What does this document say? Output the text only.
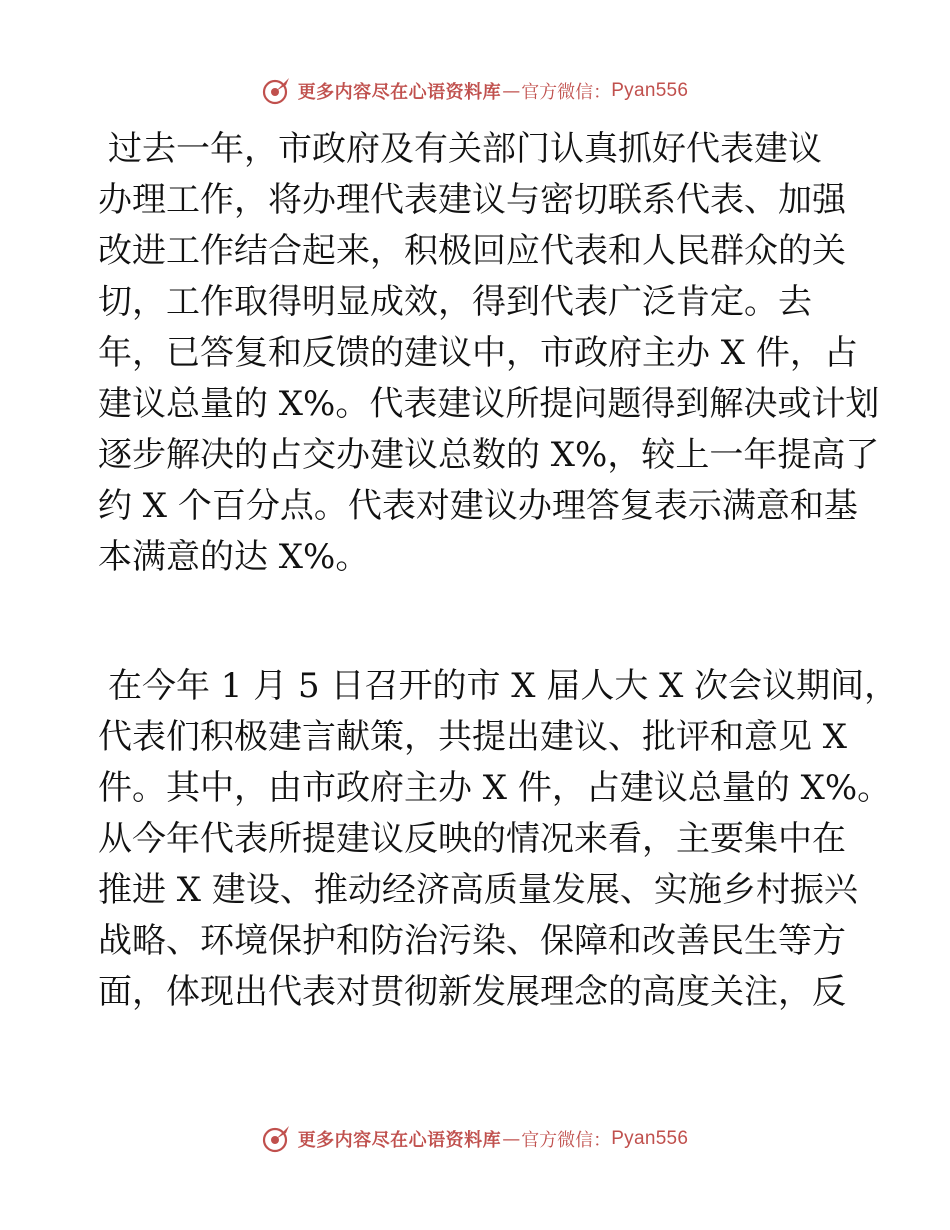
更多内容尽在心语资料库 — 官方微信： Pyan556
过去一年，市政府及有关部门认真抓好代表建议
办理工作，将办理代表建议与密切联系代表、加强
改进工作结合起来，积极回应代表和人民群众的关
切，工作取得明显成效，得到代表广泛肯定。去
年，已答复和反馈的建议中，市政府主办 X 件，占
建议总量的 X%。代表建议所提问题得到解决或计划
逐步解决的占交办建议总数的 X%，较上一年提高了
约 X 个百分点。代表对建议办理答复表示满意和基
本满意的达 X%。
在今年 1 月 5 日召开的市 X 届人大 X 次会议期间，
代表们积极建言献策，共提出建议、批评和意见 X
件。其中，由市政府主办 X 件，占建议总量的 X%。
从今年代表所提建议反映的情况来看，主要集中在
推进 X 建设、推动经济高质量发展、实施乡村振兴
战略、环境保护和防治污染、保障和改善民生等方
面，体现出代表对贯彻新发展理念的高度关注，反
更多内容尽在心语资料库 — 官方微信： Pyan556
